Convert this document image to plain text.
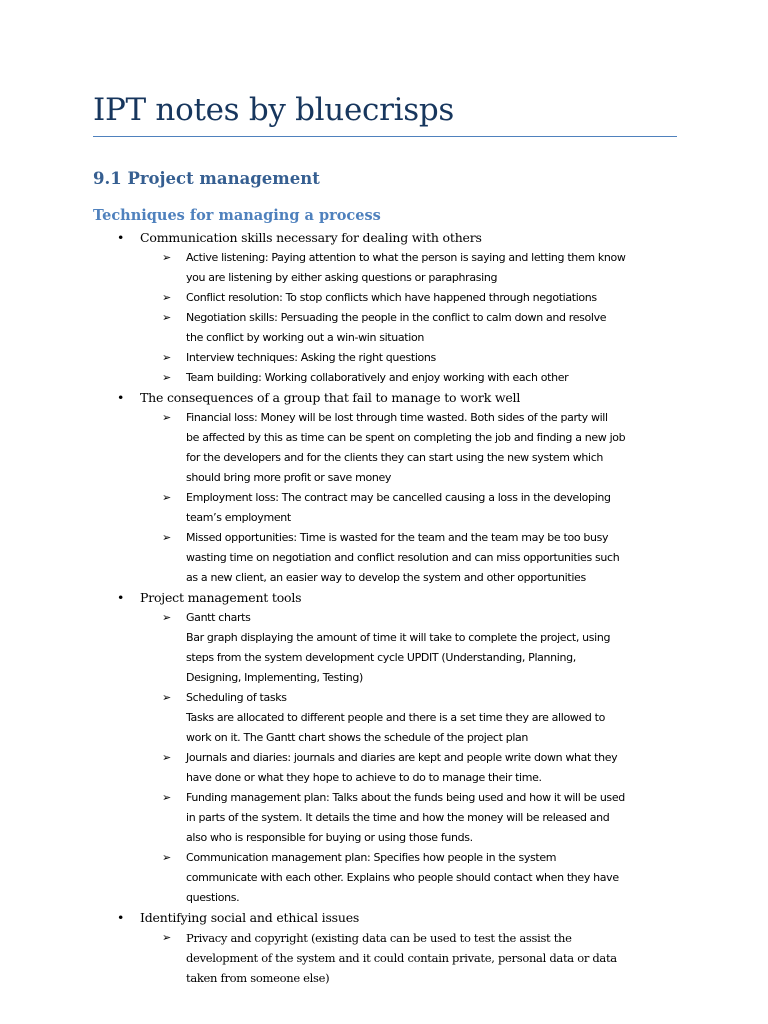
IPT notes by bluecrisps
9.1 Project management
Techniques for managing a process
• Communication skills necessary for dealing with others
➢ Active listening: Paying attention to what the person is saying and letting them know
you are listening by either asking questions or paraphrasing
➢ Conflict resolution: To stop conflicts which have happened through negotiations
➢ Negotiation skills: Persuading the people in the conflict to calm down and resolve
the conflict by working out a win-win situation
➢ Interview techniques: Asking the right questions
➢ Team building: Working collaboratively and enjoy working with each other
• The consequences of a group that fail to manage to work well
➢ Financial loss: Money will be lost through time wasted. Both sides of the party will
be affected by this as time can be spent on completing the job and finding a new job
for the developers and for the clients they can start using the new system which
should bring more profit or save money
➢ Employment loss: The contract may be cancelled causing a loss in the developing
team’s employment
➢ Missed opportunities: Time is wasted for the team and the team may be too busy
wasting time on negotiation and conflict resolution and can miss opportunities such
as a new client, an easier way to develop the system and other opportunities
• Project management tools
➢ Gantt charts
Bar graph displaying the amount of time it will take to complete the project, using
steps from the system development cycle UPDIT (Understanding, Planning,
Designing, Implementing, Testing)
➢ Scheduling of tasks
Tasks are allocated to different people and there is a set time they are allowed to
work on it. The Gantt chart shows the schedule of the project plan
➢ Journals and diaries: journals and diaries are kept and people write down what they
have done or what they hope to achieve to do to manage their time.
➢ Funding management plan: Talks about the funds being used and how it will be used
in parts of the system. It details the time and how the money will be released and
also who is responsible for buying or using those funds.
➢ Communication management plan: Specifies how people in the system
communicate with each other. Explains who people should contact when they have
questions.
• Identifying social and ethical issues
➢ Privacy and copyright (existing data can be used to test the assist the
development of the system and it could contain private, personal data or data
taken from someone else)
